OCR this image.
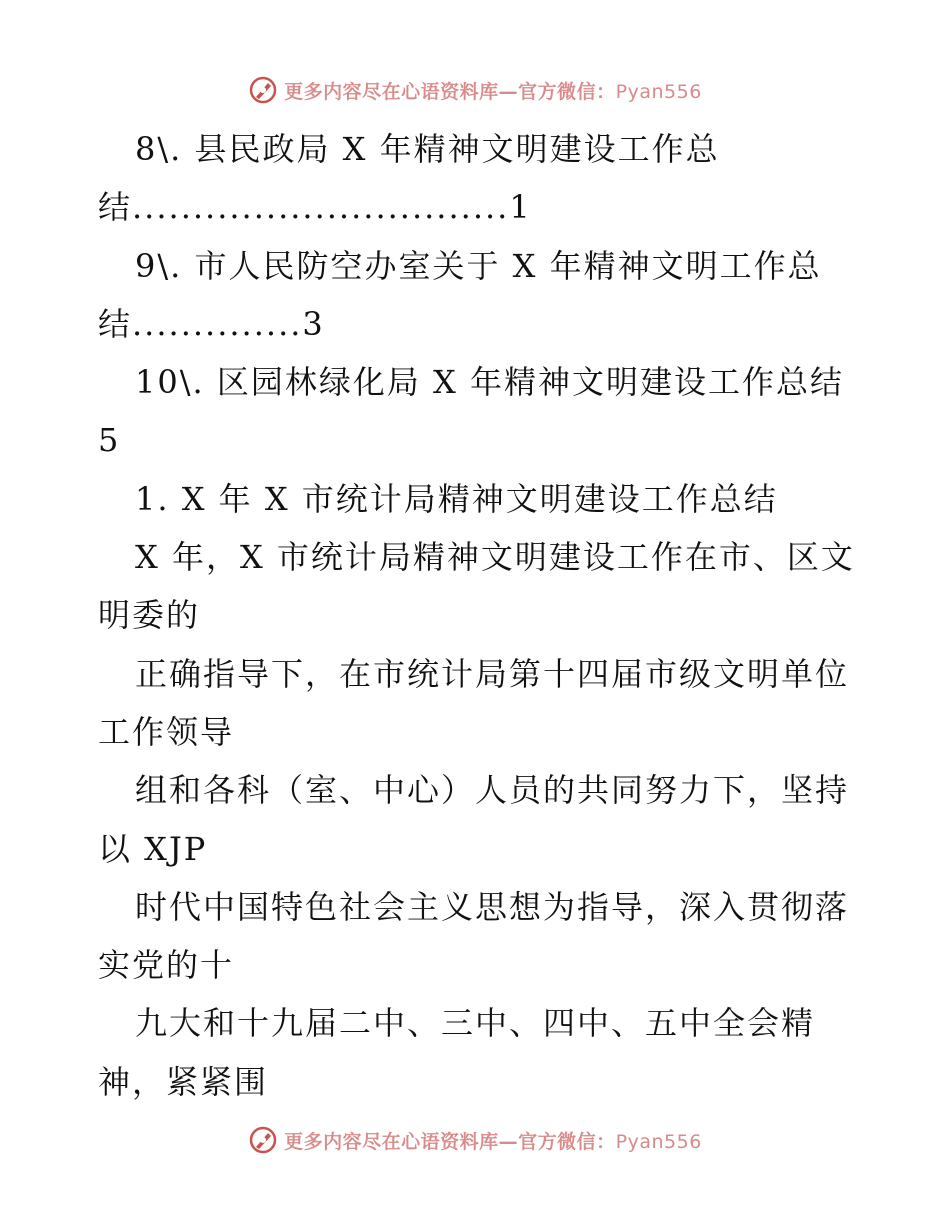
更多内容尽在心语资料库—官方微信：Pyan556
8\. 县民政局 X 年精神文明建设工作总
结...............................1
9\. 市人民防空办室关于 X 年精神文明工作总
结..............3
10\. 区园林绿化局 X 年精神文明建设工作总结
5
1. X 年 X 市统计局精神文明建设工作总结
X 年，X 市统计局精神文明建设工作在市、区文
明委的
正确指导下，在市统计局第十四届市级文明单位
工作领导
组和各科（室、中心）人员的共同努力下，坚持
以 XJP
时代中国特色社会主义思想为指导，深入贯彻落
实党的十
九大和十九届二中、三中、四中、五中全会精
神，紧紧围
更多内容尽在心语资料库—官方微信：Pyan556
